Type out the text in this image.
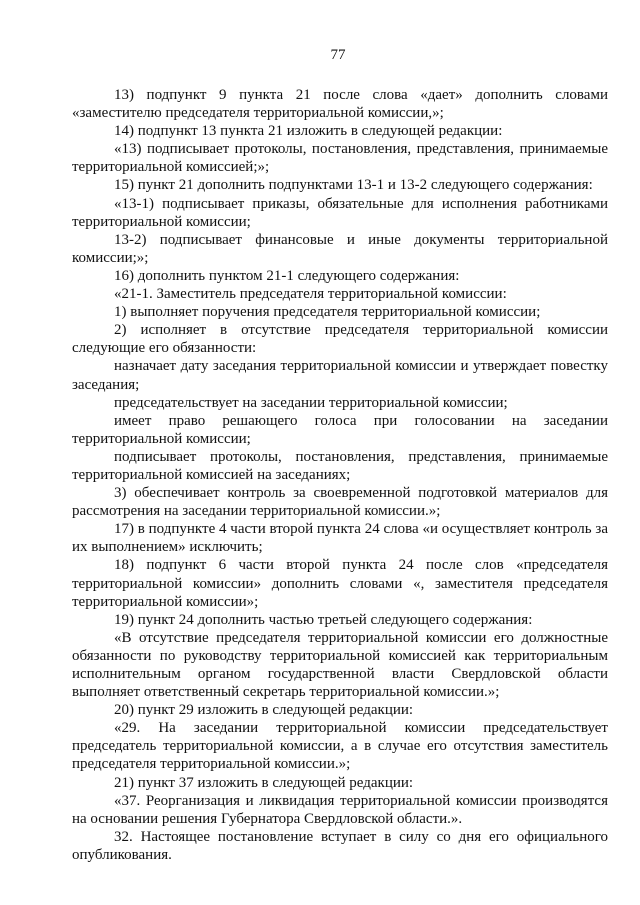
77

13) подпункт 9 пункта 21 после слова «дает» дополнить словами «заместителю председателя территориальной комиссии,»;

14) подпункт 13 пункта 21 изложить в следующей редакции:

«13) подписывает протоколы, постановления, представления, принимаемые территориальной комиссией;»;

15) пункт 21 дополнить подпунктами 13-1 и 13-2 следующего содержания:

«13-1) подписывает приказы, обязательные для исполнения работниками территориальной комиссии;

13-2) подписывает финансовые и иные документы территориальной комиссии;»;

16) дополнить пунктом 21-1 следующего содержания:

«21-1. Заместитель председателя территориальной комиссии:

1) выполняет поручения председателя территориальной комиссии;

2) исполняет в отсутствие председателя территориальной комиссии следующие его обязанности:

назначает дату заседания территориальной комиссии и утверждает повестку заседания;

председательствует на заседании территориальной комиссии;

имеет право решающего голоса при голосовании на заседании территориальной комиссии;

подписывает протоколы, постановления, представления, принимаемые территориальной комиссией на заседаниях;

3) обеспечивает контроль за своевременной подготовкой материалов для рассмотрения на заседании территориальной комиссии.»;

17) в подпункте 4 части второй пункта 24 слова «и осуществляет контроль за их выполнением» исключить;

18) подпункт 6 части второй пункта 24 после слов «председателя территориальной комиссии» дополнить словами «, заместителя председателя территориальной комиссии»;

19) пункт 24 дополнить частью третьей следующего содержания:

«В отсутствие председателя территориальной комиссии его должностные обязанности по руководству территориальной комиссией как территориальным исполнительным органом государственной власти Свердловской области выполняет ответственный секретарь территориальной комиссии.»;

20) пункт 29 изложить в следующей редакции:

«29. На заседании территориальной комиссии председательствует председатель территориальной комиссии, а в случае его отсутствия заместитель председателя территориальной комиссии.»;

21) пункт 37 изложить в следующей редакции:

«37. Реорганизация и ликвидация территориальной комиссии производятся на основании решения Губернатора Свердловской области.».

32. Настоящее постановление вступает в силу со дня его официального опубликования.
